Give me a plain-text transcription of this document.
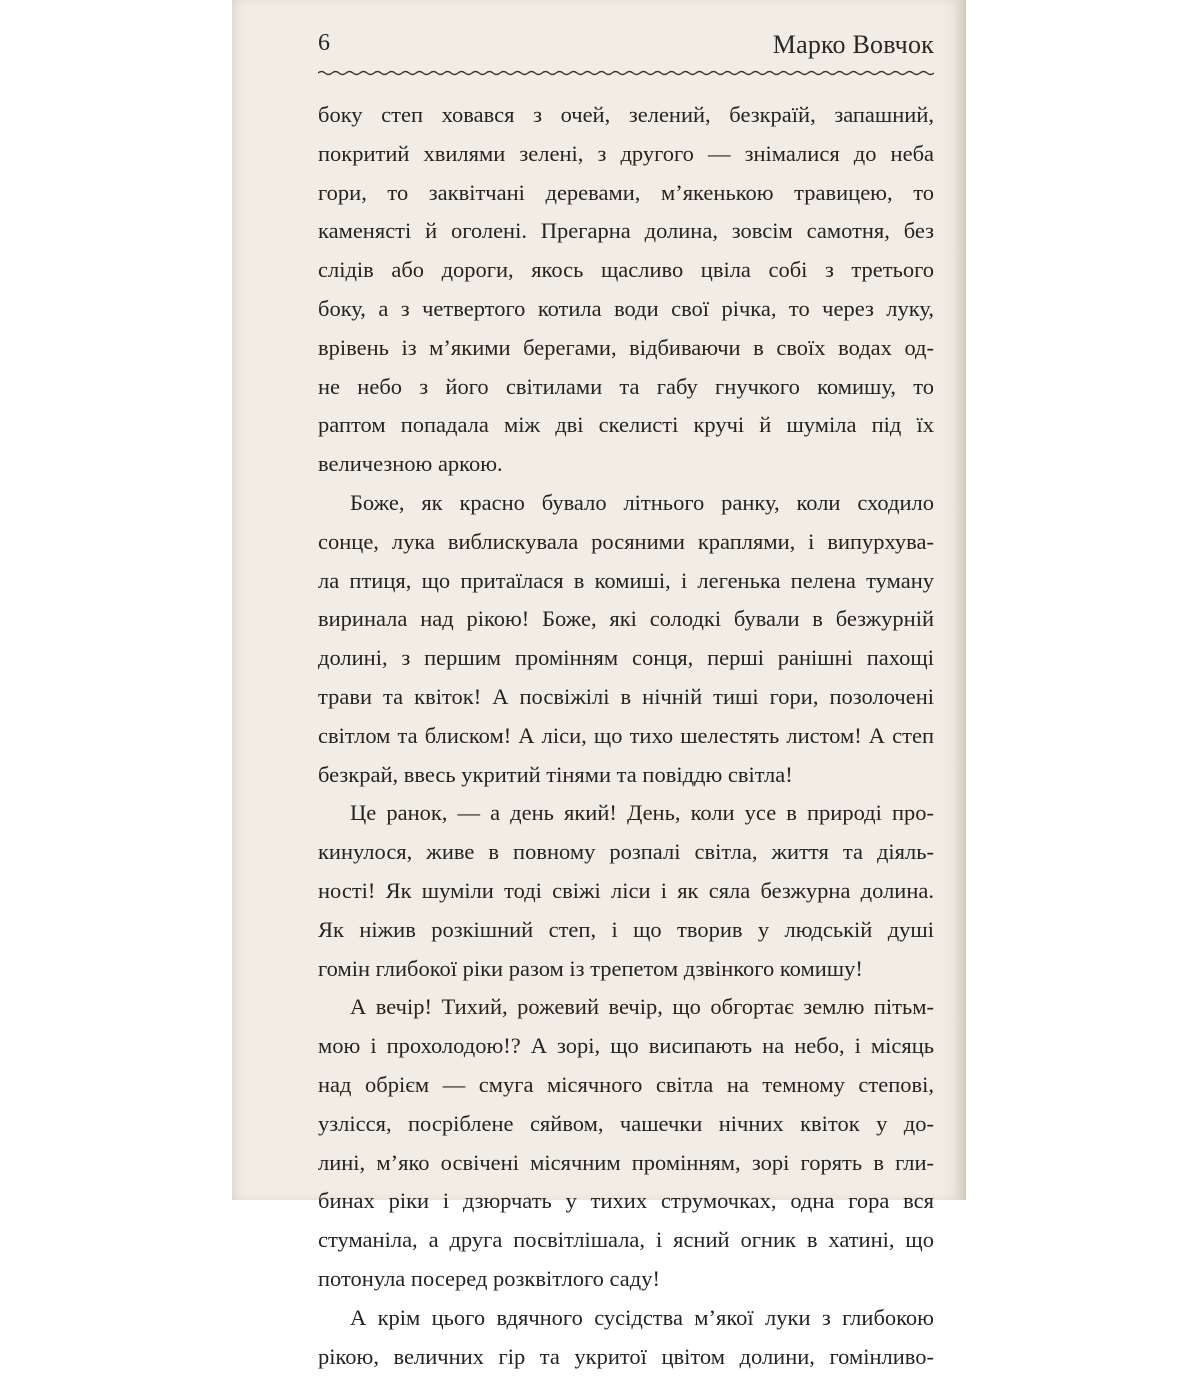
6	Марко Вовчок
боку степ ховався з очей, зелений, безкраїй, запашний,
покритий хвилями зелені, з другого — знімалися до неба
гори, то заквітчані деревами, м’якенькою травицею, то
каменясті й оголені. Прегарна долина, зовсім самотня, без
слідів або дороги, якось щасливо цвіла собі з третього
боку, а з четвертого котила води свої річка, то через луку,
врівень із м’якими берегами, відбиваючи в своїх водах од-
не небо з його світилами та габу гнучкого комишу, то
раптом попадала між дві скелисті кручі й шуміла під їх
величезною аркою.
Боже, як красно бувало літнього ранку, коли сходило
сонце, лука виблискувала росяними краплями, і випурхува-
ла птиця, що притаїлася в комиші, і легенька пелена туману
виринала над рікою! Боже, які солодкі бували в безжурній
долині, з першим промінням сонця, перші ранішні пахощі
трави та квіток! А посвіжілі в нічній тиші гори, позолочені
світлом та блиском! А ліси, що тихо шелестять листом! А степ
безкрай, ввесь укритий тінями та повіддю світла!
Це ранок, — а день який! День, коли усе в природі про-
кинулося, живе в повному розпалі світла, життя та діяль-
ності! Як шуміли тоді свіжі ліси і як сяла безжурна долина.
Як ніжив розкішний степ, і що творив у людській душі
гомін глибокої ріки разом із трепетом дзвінкого комишу!
А вечір! Тихий, рожевий вечір, що обгортає землю пітьм-
мою і прохолодою!? А зорі, що висипають на небо, і місяць
над обрієм — смуга місячного світла на темному степові,
узлісся, посріблене сяйвом, чашечки нічних квіток у до-
лині, м’яко освічені місячним промінням, зорі горять в гли-
бинах ріки і дзюрчать у тихих струмочках, одна гора вся
стуманіла, а друга посвітлішала, і ясний огник в хатині, що
потонула посеред розквітлого саду!
А крім цього вдячного сусідства м’якої луки з глибокою
рікою, величних гір та укритої цвітом долини, гомінливо-
